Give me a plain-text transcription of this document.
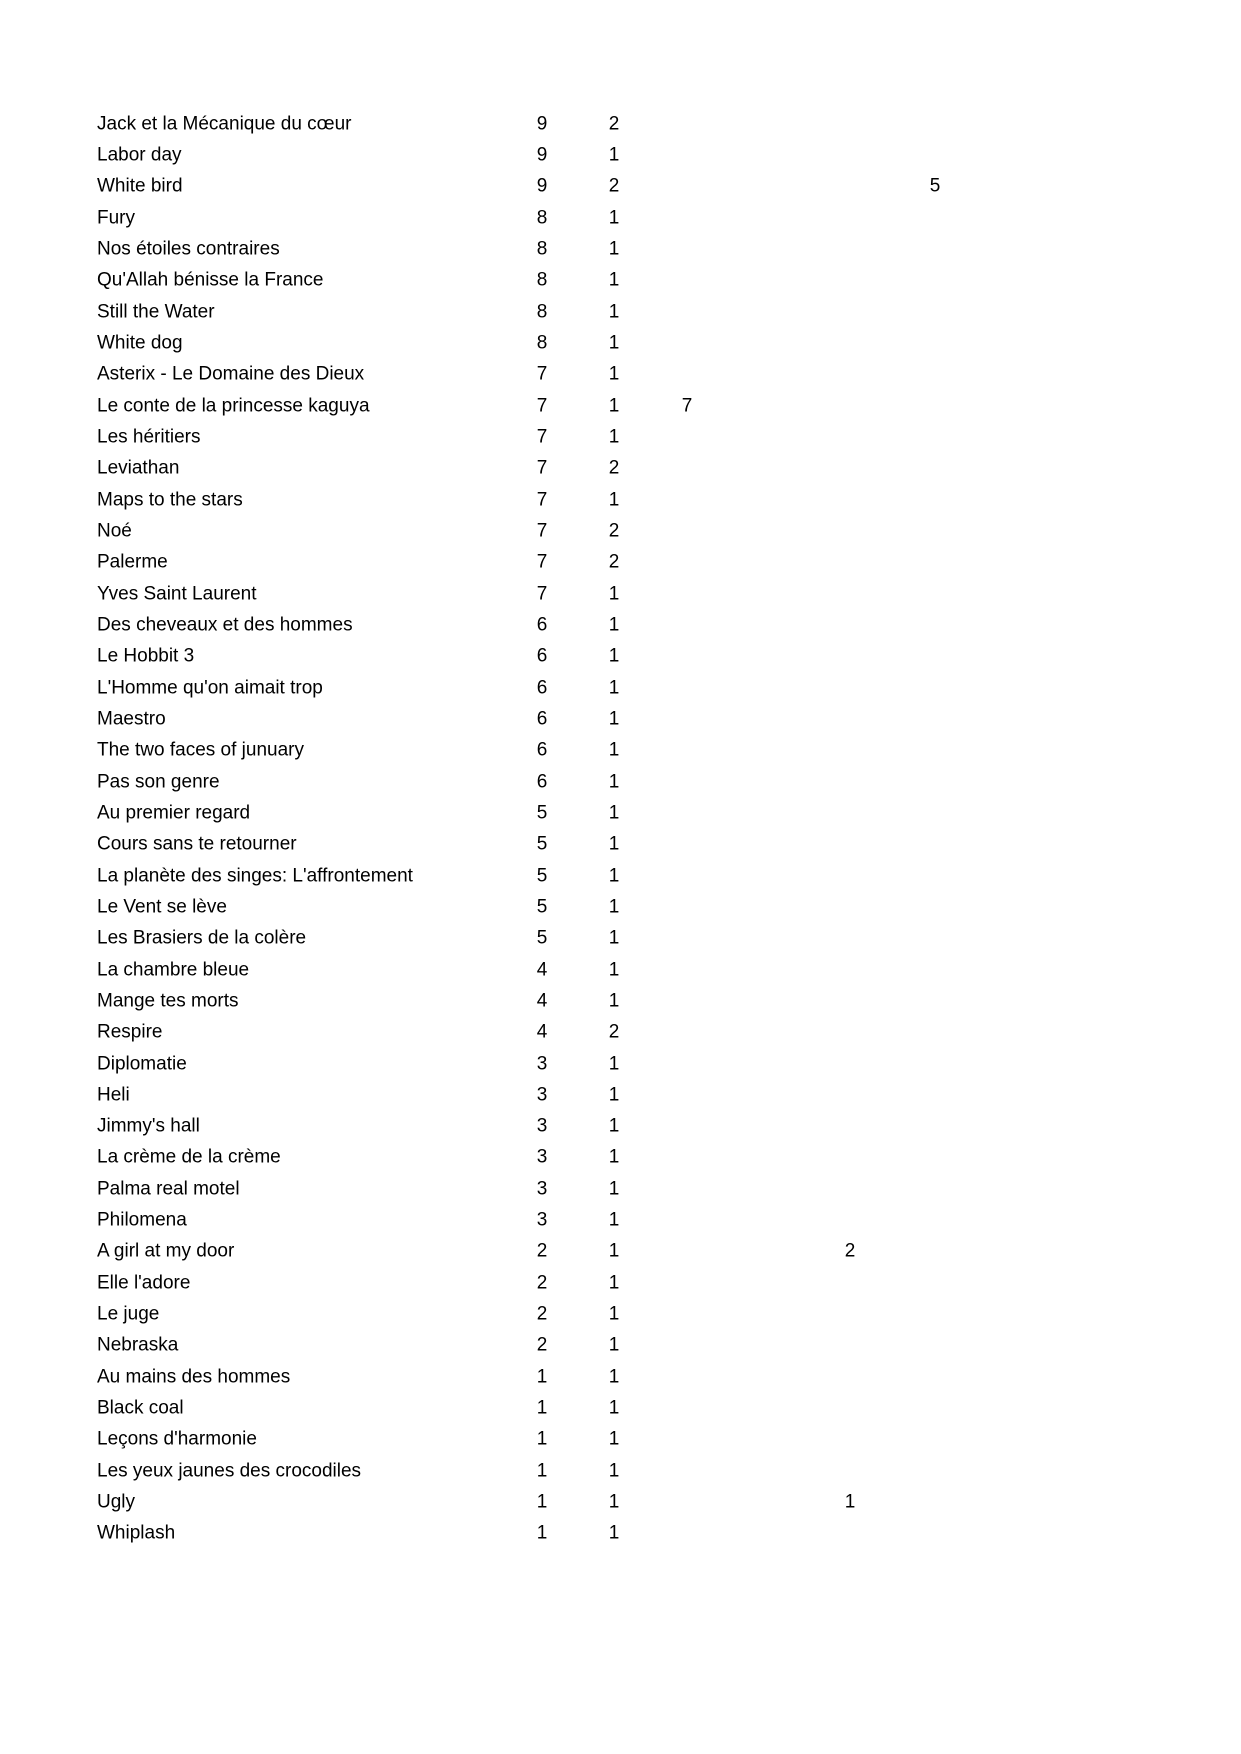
Jack et la Mécanique du cœur	9	2
Labor day	9	1
White bird	9	2	5
Fury	8	1
Nos étoiles contraires	8	1
Qu'Allah bénisse la France	8	1
Still the Water	8	1
White dog	8	1
Asterix - Le Domaine des Dieux	7	1
Le conte de la princesse kaguya	7	1	7
Les héritiers	7	1
Leviathan	7	2
Maps to the stars	7	1
Noé	7	2
Palerme	7	2
Yves Saint Laurent	7	1
Des cheveaux et des hommes	6	1
Le Hobbit 3	6	1
L'Homme qu'on aimait trop	6	1
Maestro	6	1
The two faces of junuary	6	1
Pas son genre	6	1
Au premier regard	5	1
Cours sans te retourner	5	1
La planète des singes: L'affrontement	5	1
Le Vent se lève	5	1
Les Brasiers de la colère	5	1
La chambre bleue	4	1
Mange tes morts	4	1
Respire	4	2
Diplomatie	3	1
Heli	3	1
Jimmy's hall	3	1
La crème de la crème	3	1
Palma real motel	3	1
Philomena	3	1
A girl at my door	2	1	2
Elle l'adore	2	1
Le juge	2	1
Nebraska	2	1
Au mains des hommes	1	1
Black coal	1	1
Leçons d'harmonie	1	1
Les yeux jaunes des crocodiles	1	1
Ugly	1	1	1
Whiplash	1	1
